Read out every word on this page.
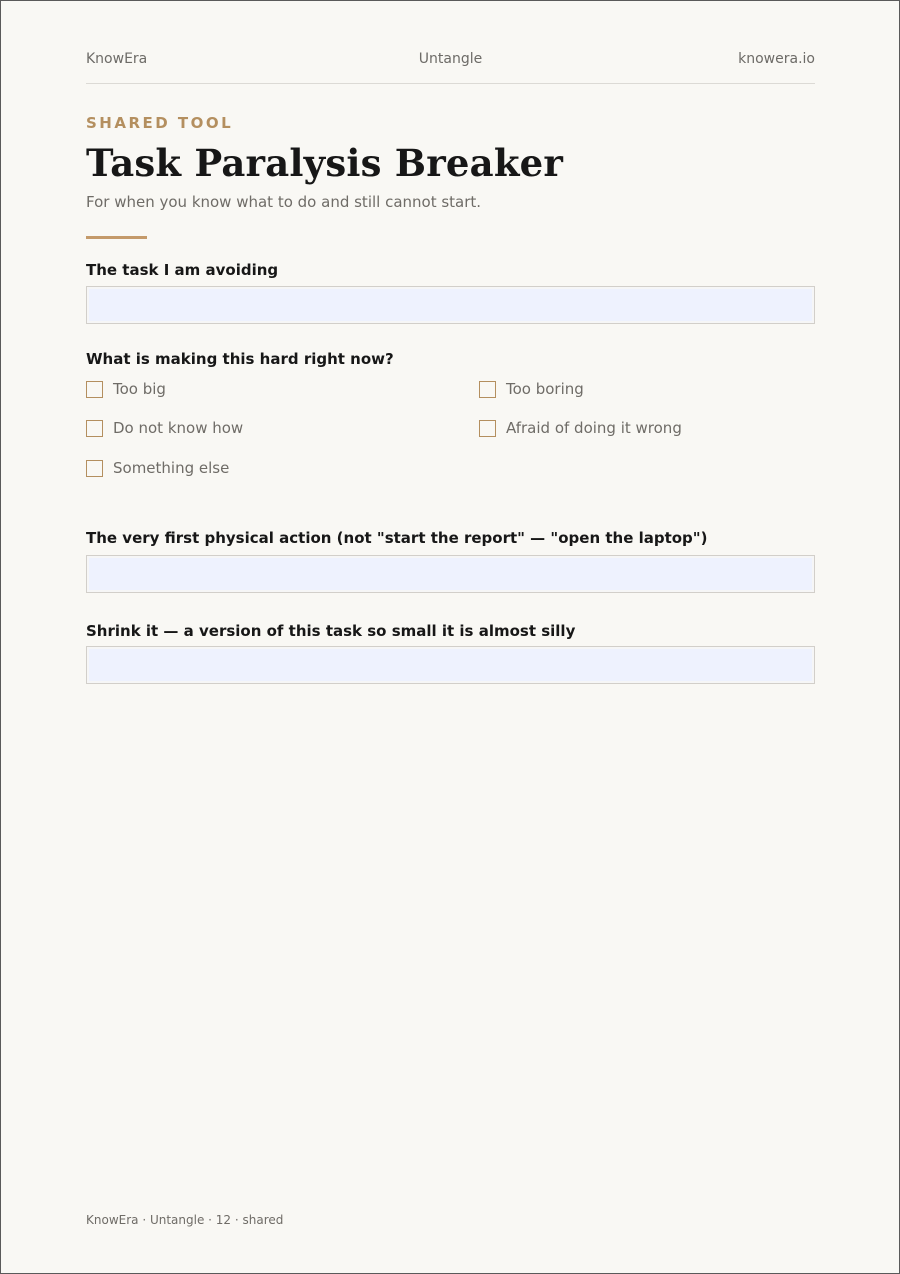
KnowEra	Untangle	knowera.io
SHARED TOOL
Task Paralysis Breaker
For when you know what to do and still cannot start.
The task I am avoiding
What is making this hard right now?
Too big	Too boring
Do not know how	Afraid of doing it wrong
Something else
The very first physical action (not "start the report" — "open the laptop")
Shrink it — a version of this task so small it is almost silly
KnowEra · Untangle · 12 · shared
